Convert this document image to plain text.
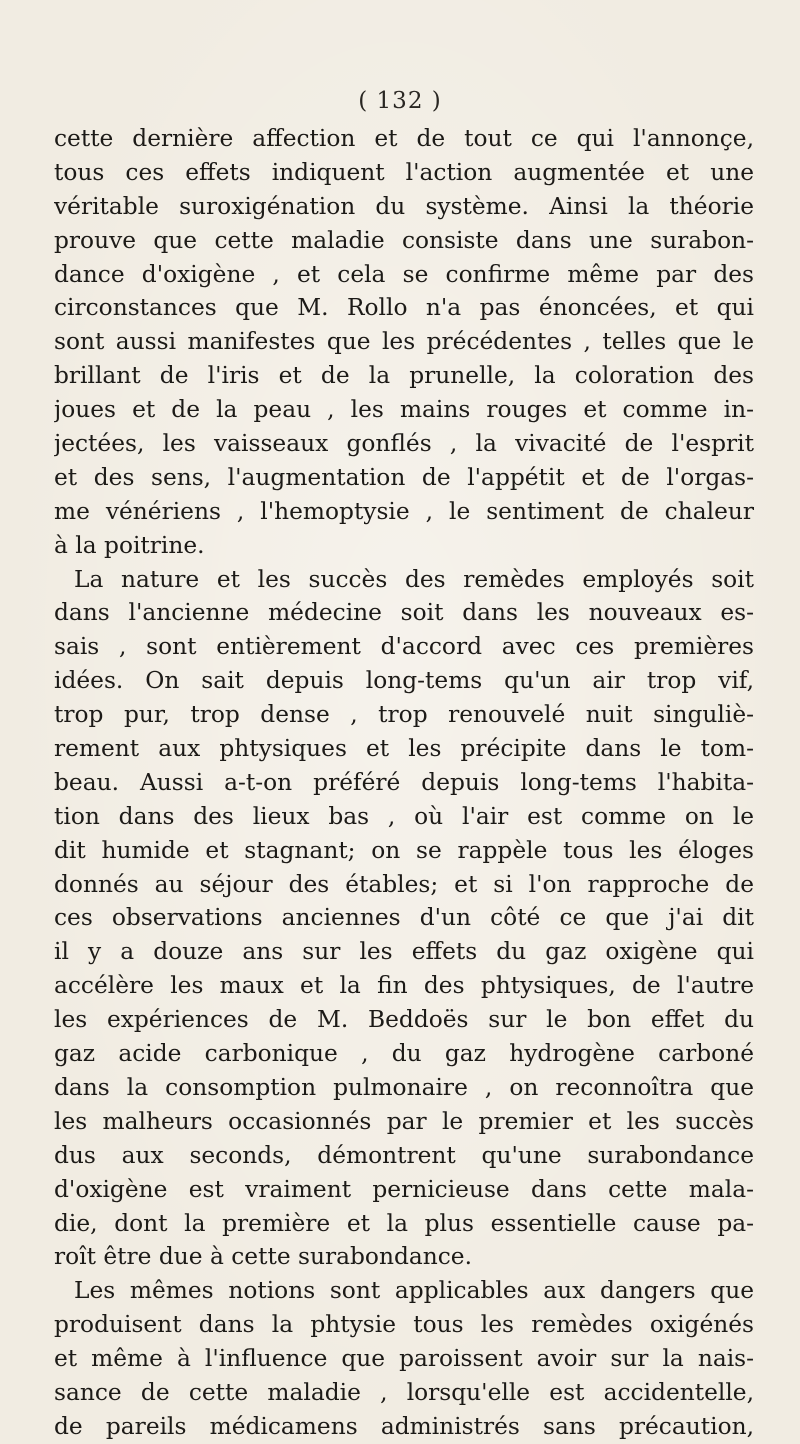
( 132 )
cette dernière affection et de tout ce qui l'annonçe,
tous ces effets indiquent l'action augmentée et une
véritable suroxigénation du système. Ainsi la théorie
prouve que cette maladie consiste dans une surabon-
dance d'oxigène , et cela se confirme même par des
circonstances que M. Rollo n'a pas énoncées, et qui
sont aussi manifestes que les précédentes , telles que le
brillant de l'iris et de la prunelle, la coloration des
joues et de la peau , les mains rouges et comme in-
jectées, les vaisseaux gonflés , la vivacité de l'esprit
et des sens, l'augmentation de l'appétit et de l'orgas-
me vénériens , l'hemoptysie , le sentiment de chaleur
à la poitrine.
La nature et les succès des remèdes employés soit
dans l'ancienne médecine soit dans les nouveaux es-
sais , sont entièrement d'accord avec ces premières
idées. On sait depuis long-tems qu'un air trop vif,
trop pur, trop dense , trop renouvelé nuit singuliè-
rement aux phtysiques et les précipite dans le tom-
beau. Aussi a-t-on préféré depuis long-tems l'habita-
tion dans des lieux bas , où l'air est comme on le
dit humide et stagnant; on se rappèle tous les éloges
donnés au séjour des étables; et si l'on rapproche de
ces observations anciennes d'un côté ce que j'ai dit
il y a douze ans sur les effets du gaz oxigène qui
accélère les maux et la fin des phtysiques, de l'autre
les expériences de M. Beddoës sur le bon effet du
gaz acide carbonique , du gaz hydrogène carboné
dans la consomption pulmonaire , on reconnoîtra que
les malheurs occasionnés par le premier et les succès
dus aux seconds, démontrent qu'une surabondance
d'oxigène est vraiment pernicieuse dans cette mala-
die, dont la première et la plus essentielle cause pa-
roît être due à cette surabondance.
Les mêmes notions sont applicables aux dangers que
produisent dans la phtysie tous les remèdes oxigénés
et même à l'influence que paroissent avoir sur la nais-
sance de cette maladie , lorsqu'elle est accidentelle,
de pareils médicamens administrés sans précaution,
